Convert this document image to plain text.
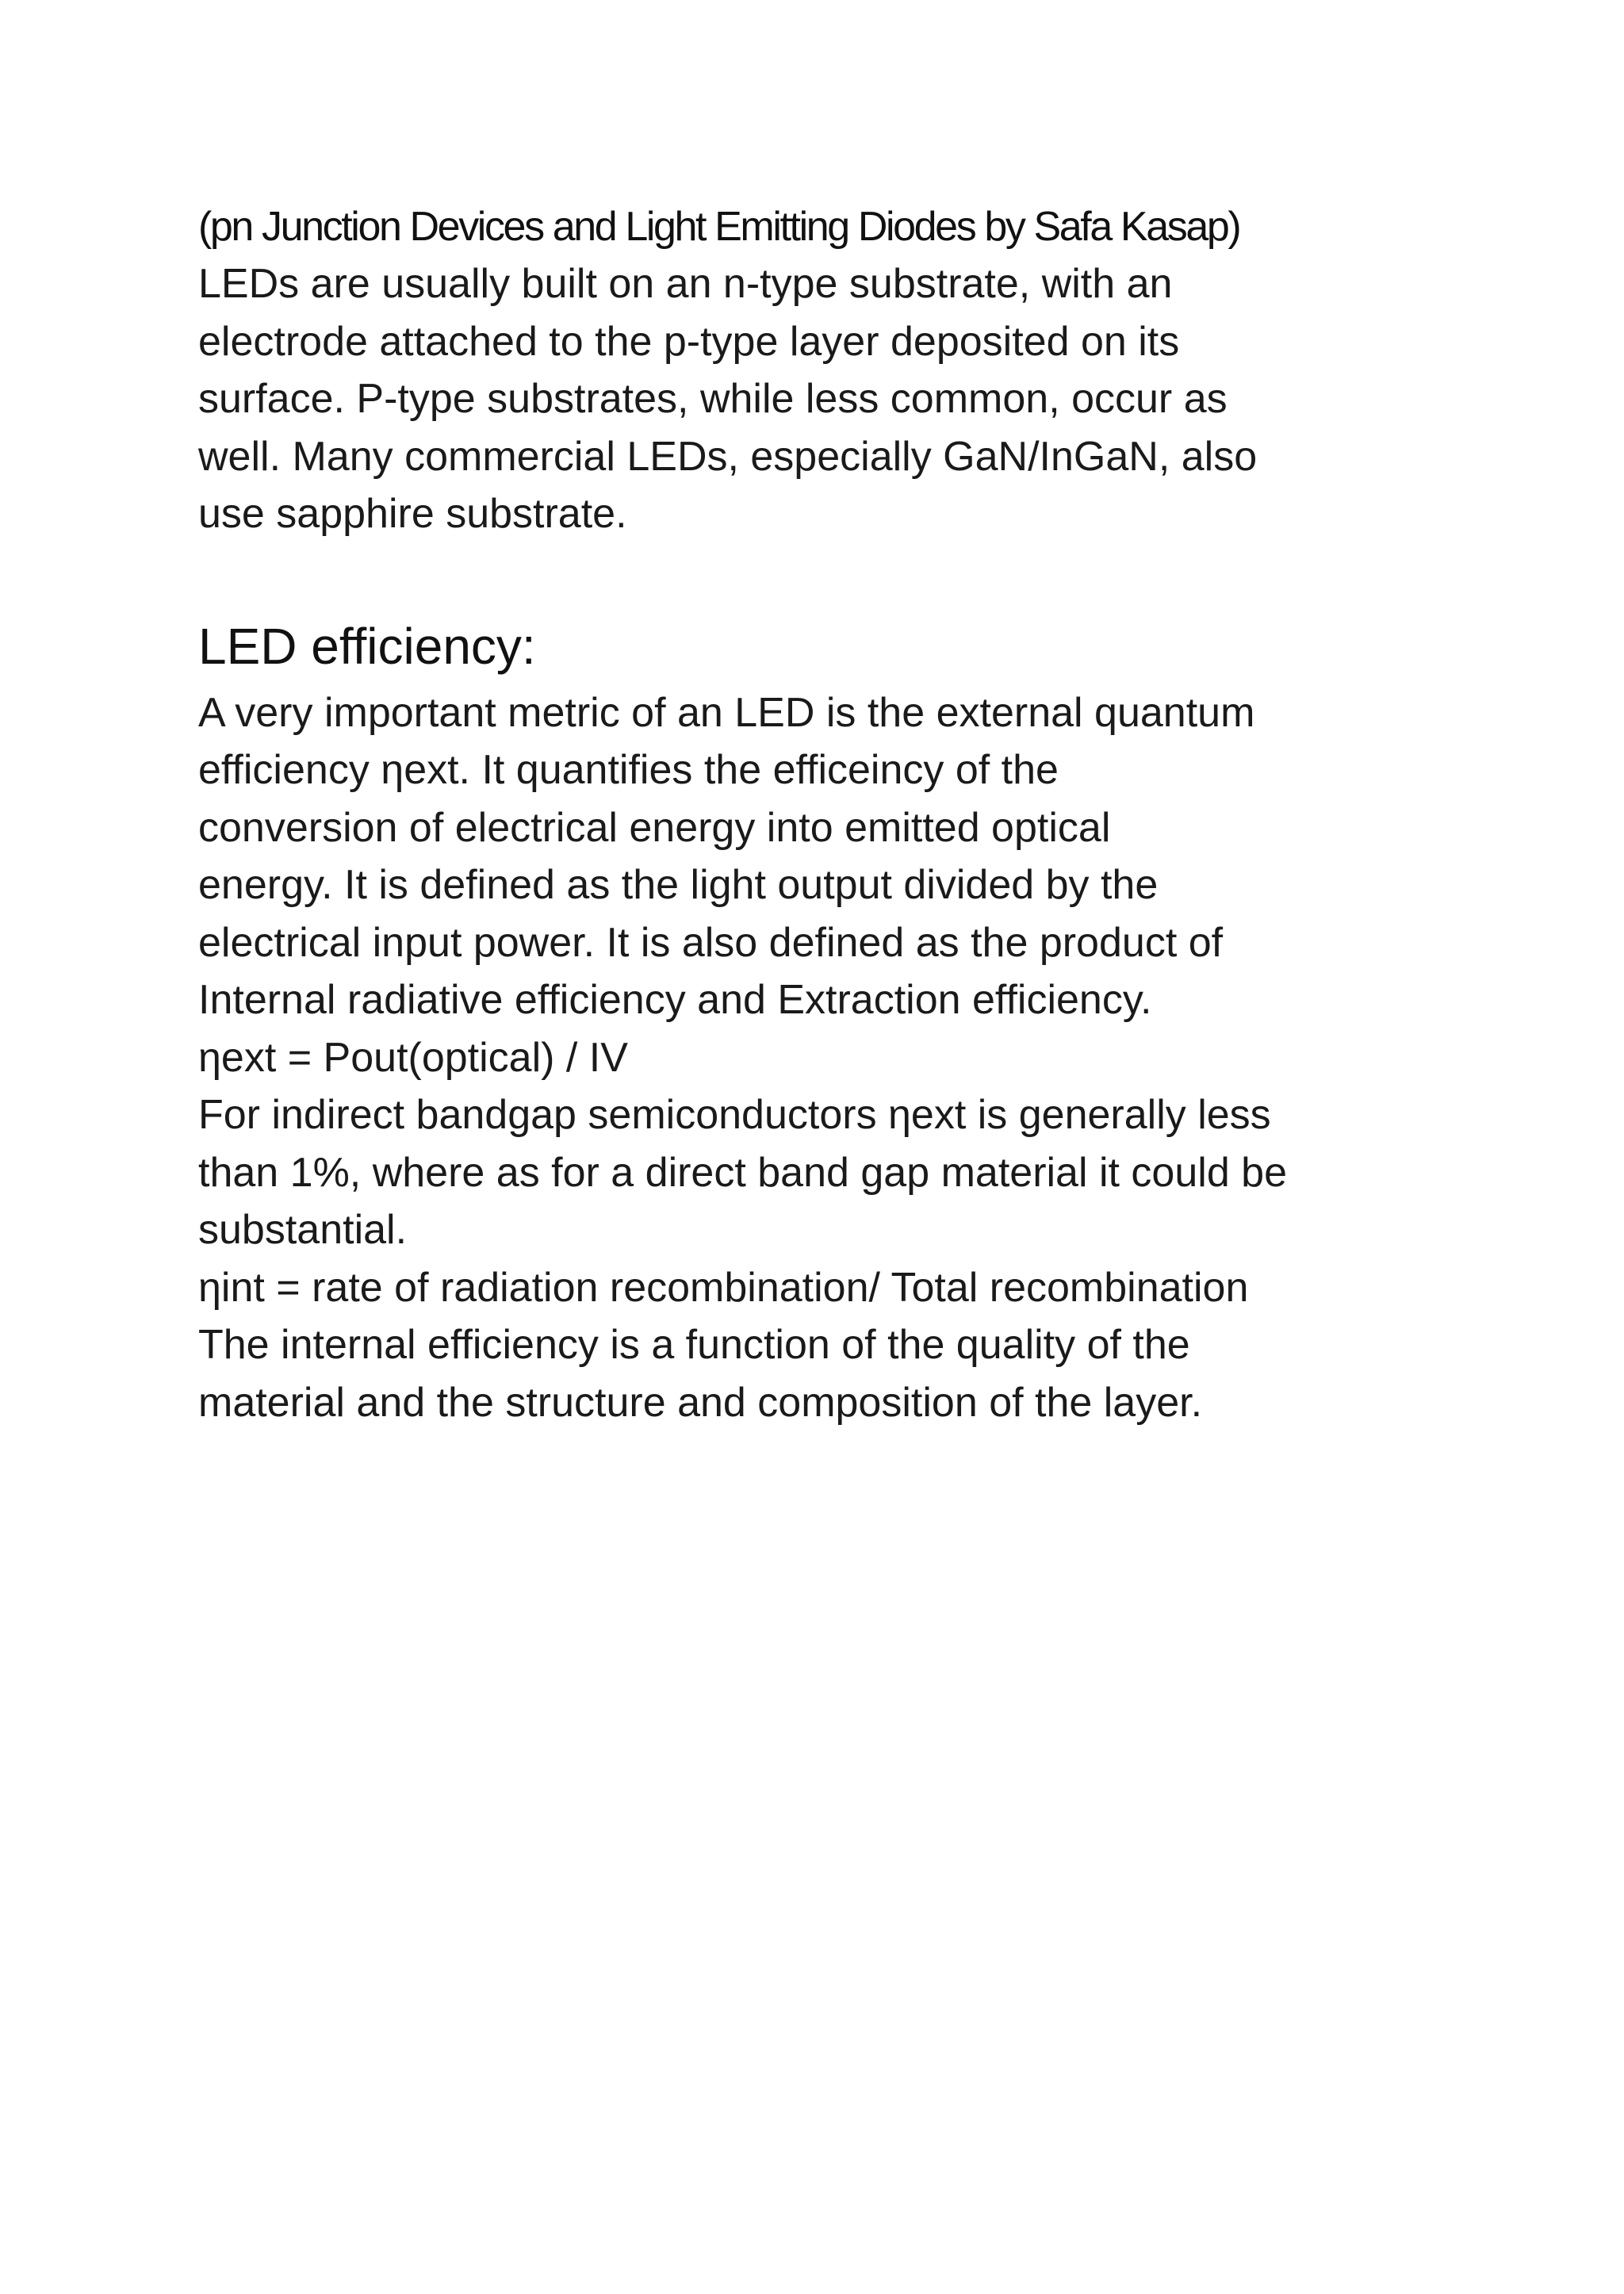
(pn Junction Devices and Light Emitting Diodes by Safa Kasap)

LEDs are usually built on an n-type substrate, with an
electrode attached to the p-type layer deposited on its
surface. P-type substrates, while less common, occur as
well. Many commercial LEDs, especially GaN/InGaN, also
use sapphire substrate.
LED efficiency:
A very important metric of an LED is the external quantum
efficiency ηext. It quantifies the efficeincy of the
conversion of electrical energy into emitted optical
energy. It is defined as the light output divided by the
electrical input power. It is also defined as the product of
Internal radiative efficiency and Extraction efficiency.
ηext = Pout(optical) / IV
For indirect bandgap semiconductors ηext is generally less
than 1%, where as for a direct band gap material it could be
substantial.
ηint = rate of radiation recombination/ Total recombination
The internal efficiency is a function of the quality of the
material and the structure and composition of the layer.
